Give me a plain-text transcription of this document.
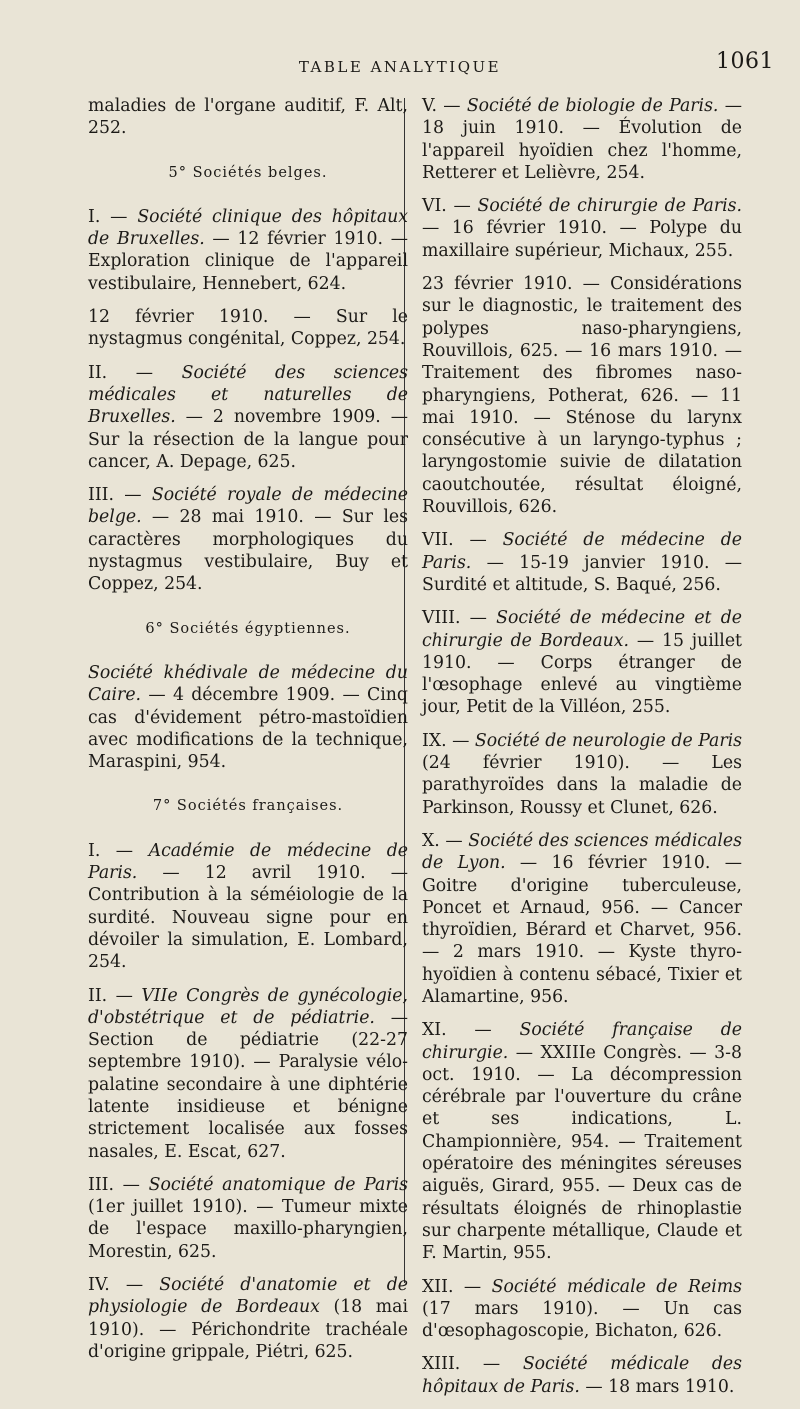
TABLE ANALYTIQUE	1061

maladies de l'organe auditif, F. Alt, 252.

5° Sociétés belges.

I. — Société clinique des hôpitaux de Bruxelles. — 12 février 1910. — Exploration clinique de l'appareil vestibulaire, Hennebert, 624.

12 février 1910. — Sur le nystagmus congénital, Coppez, 254.

II. — Société des sciences médicales et naturelles de Bruxelles. — 2 novembre 1909. — Sur la résection de la langue pour cancer, A. Depage, 625.

III. — Société royale de médecine belge. — 28 mai 1910. — Sur les caractères morphologiques du nystagmus vestibulaire, Buy et Coppez, 254.

6° Sociétés égyptiennes.

Société khédivale de médecine du Caire. — 4 décembre 1909. — Cinq cas d'évidement pétro-mastoïdien avec modifications de la technique, Maraspini, 954.

7° Sociétés françaises.

I. — Académie de médecine de Paris. — 12 avril 1910. — Contribution à la séméiologie de la surdité. Nouveau signe pour en dévoiler la simulation, E. Lombard, 254.

II. — VIIe Congrès de gynécologie, d'obstétrique et de pédiatrie. — Section de pédiatrie (22-27 septembre 1910). — Paralysie vélo-palatine secondaire à une diphtérie latente insidieuse et bénigne strictement localisée aux fosses nasales, E. Escat, 627.

III. — Société anatomique de Paris (1er juillet 1910). — Tumeur mixte de l'espace maxillo-pharyngien, Morestin, 625.

IV. — Société d'anatomie et de physiologie de Bordeaux (18 mai 1910). — Périchondrite trachéale d'origine grippale, Piétri, 625.

V. — Société de biologie de Paris. — 18 juin 1910. — Évolution de l'appareil hyoïdien chez l'homme, Retterer et Lelièvre, 254.

VI. — Société de chirurgie de Paris. — 16 février 1910. — Polype du maxillaire supérieur, Michaux, 255.

23 février 1910. — Considérations sur le diagnostic, le traitement des polypes naso-pharyngiens, Rouvillois, 625. — 16 mars 1910. — Traitement des fibromes naso-pharyngiens, Potherat, 626. — 11 mai 1910. — Sténose du larynx consécutive à un laryngo-typhus ; laryngostomie suivie de dilatation caoutchoutée, résultat éloigné, Rouvillois, 626.

VII. — Société de médecine de Paris. — 15-19 janvier 1910. — Surdité et altitude, S. Baqué, 256.

VIII. — Société de médecine et de chirurgie de Bordeaux. — 15 juillet 1910. — Corps étranger de l'œsophage enlevé au vingtième jour, Petit de la Villéon, 255.

IX. — Société de neurologie de Paris (24 février 1910). — Les parathyroïdes dans la maladie de Parkinson, Roussy et Clunet, 626.

X. — Société des sciences médicales de Lyon. — 16 février 1910. — Goitre d'origine tuberculeuse, Poncet et Arnaud, 956. — Cancer thyroïdien, Bérard et Charvet, 956. — 2 mars 1910. — Kyste thyro-hyoïdien à contenu sébacé, Tixier et Alamartine, 956.

XI. — Société française de chirurgie. — XXIIIe Congrès. — 3-8 oct. 1910. — La décompression cérébrale par l'ouverture du crâne et ses indications, L. Championnière, 954. — Traitement opératoire des méningites séreuses aiguës, Girard, 955. — Deux cas de résultats éloignés de rhinoplastie sur charpente métallique, Claude et F. Martin, 955.

XII. — Société médicale de Reims (17 mars 1910). — Un cas d'œsophagoscopie, Bichaton, 626.

XIII. — Société médicale des hôpitaux de Paris. — 18 mars 1910.
